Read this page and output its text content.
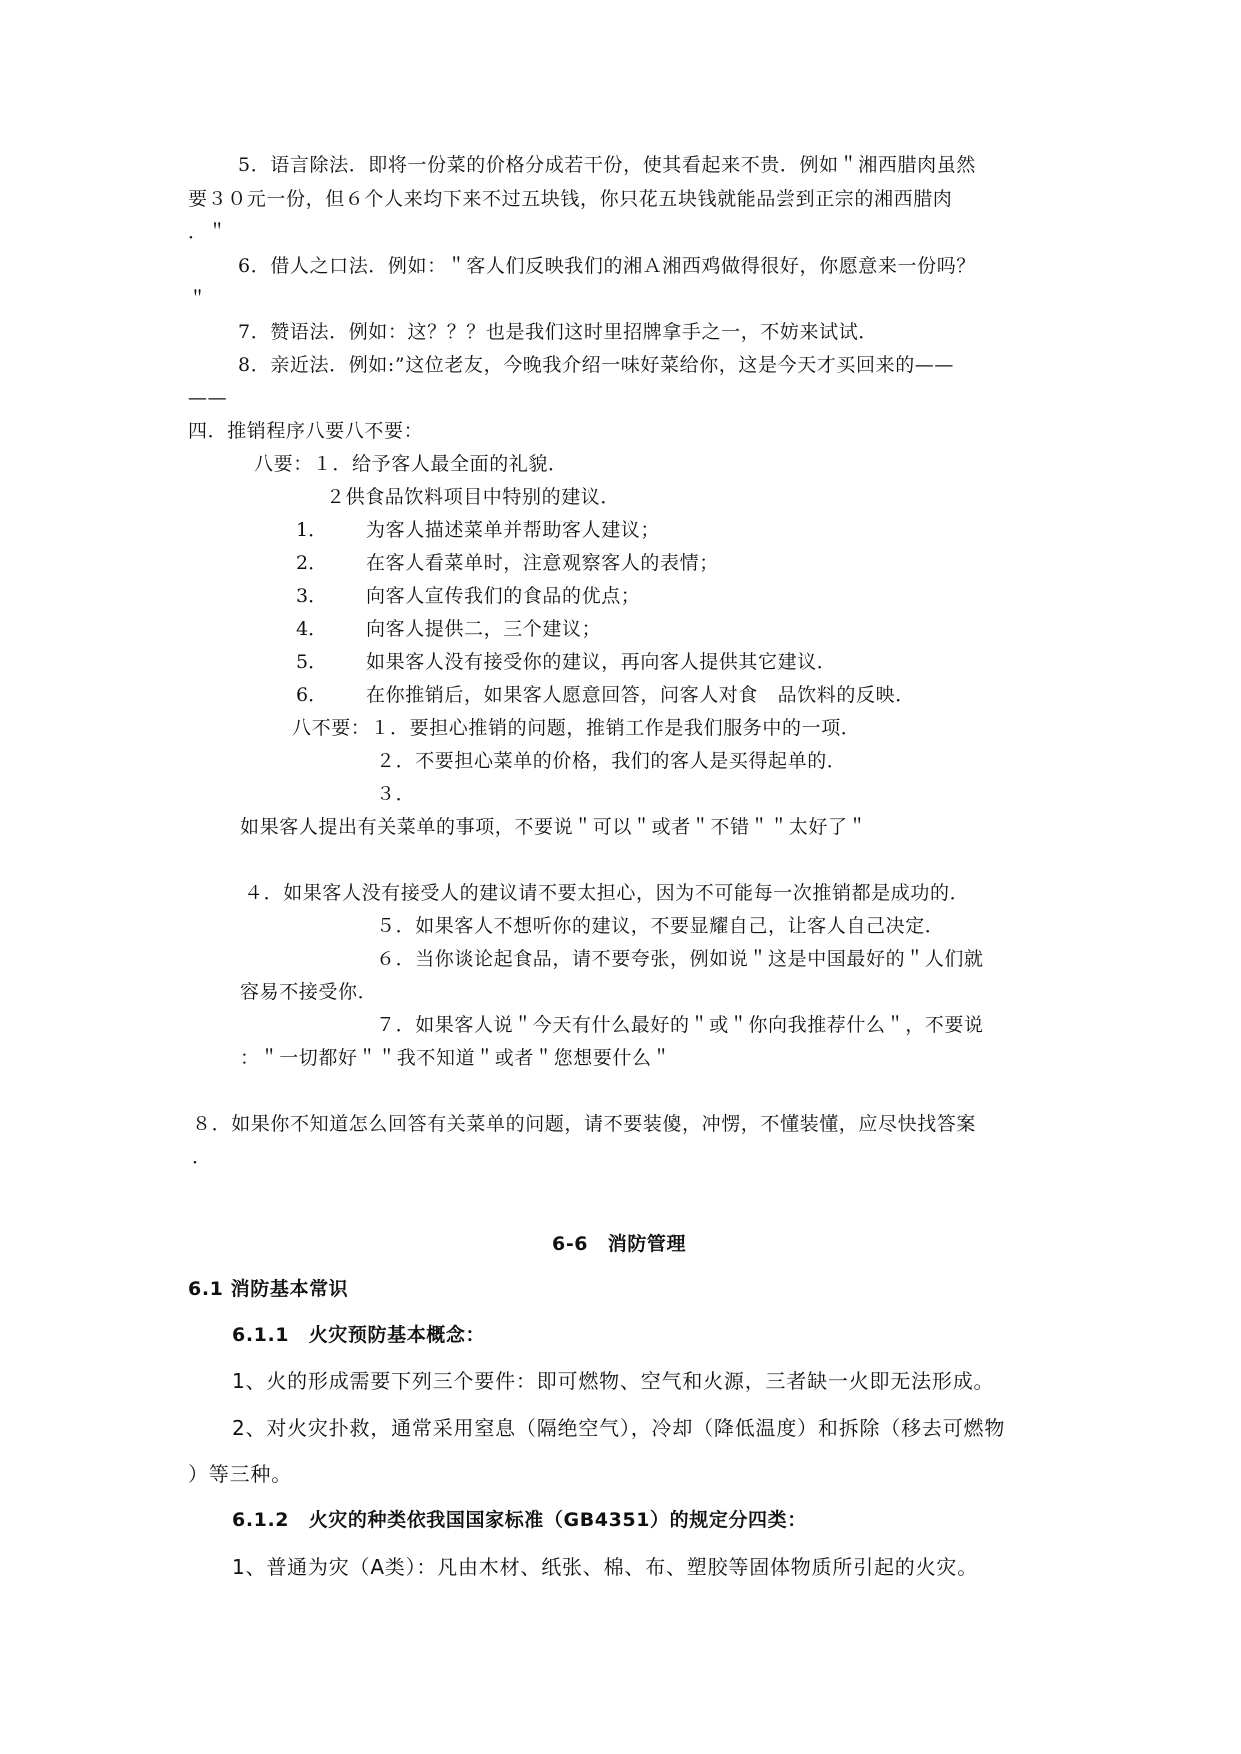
5．语言除法．即将一份菜的价格分成若干份，使其看起来不贵．例如＂湘西腊肉虽然
要３０元一份，但６个人来均下来不过五块钱，你只花五块钱就能品尝到正宗的湘西腊肉
．＂
6．借人之口法．例如：＂客人们反映我们的湘Ａ湘西鸡做得很好，你愿意来一份吗？
＂
7．赞语法．例如：这？？？也是我们这时里招牌拿手之一，不妨来试试．
8．亲近法．例如:”这位老友，今晚我介绍一味好菜给你，这是今天才买回来的——
——
四．推销程序八要八不要：
八要：１．给予客人最全面的礼貌．
２供食品饮料项目中特别的建议．
1． 为客人描述菜单并帮助客人建议；
2． 在客人看菜单时，注意观察客人的表情；
3． 向客人宣传我们的食品的优点；
4． 向客人提供二，三个建议；
5． 如果客人没有接受你的建议，再向客人提供其它建议．
6． 在你推销后，如果客人愿意回答，问客人对食　品饮料的反映．
八不要：１．要担心推销的问题，推销工作是我们服务中的一项．
２．不要担心菜单的价格，我们的客人是买得起单的．
３．
如果客人提出有关菜单的事项，不要说＂可以＂或者＂不错＂＂太好了＂
４．如果客人没有接受人的建议请不要太担心，因为不可能每一次推销都是成功的．
５．如果客人不想听你的建议，不要显耀自己，让客人自己决定．
６．当你谈论起食品，请不要夸张，例如说＂这是中国最好的＂人们就
容易不接受你．
７．如果客人说＂今天有什么最好的＂或＂你向我推荐什么＂，不要说
：＂一切都好＂＂我不知道＂或者＂您想要什么＂
８．如果你不知道怎么回答有关菜单的问题，请不要装傻，冲愣，不懂装懂，应尽快找答案
．
6-6　消防管理
6.1 消防基本常识
6.1.1　火灾预防基本概念：
1、火的形成需要下列三个要件：即可燃物、空气和火源，三者缺一火即无法形成。
2、对火灾扑救，通常采用窒息（隔绝空气），冷却（降低温度）和拆除（移去可燃物
）等三种。
6.1.2　火灾的种类依我国国家标准（GB4351）的规定分四类：
1、普通为灾（A类）：凡由木材、纸张、棉、布、塑胶等固体物质所引起的火灾。
